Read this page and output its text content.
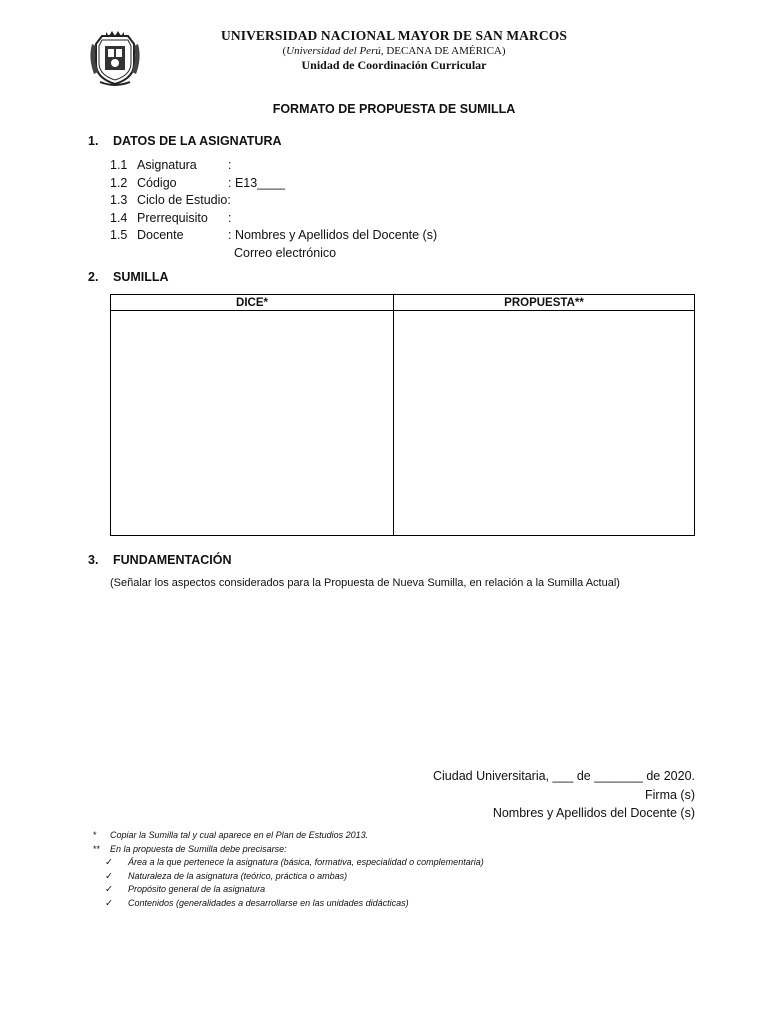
UNIVERSIDAD NACIONAL MAYOR DE SAN MARCOS
(Universidad del Perú, DECANA DE AMÉRICA)
Unidad de Coordinación Curricular
FORMATO DE PROPUESTA DE SUMILLA
1. DATOS DE LA ASIGNATURA
1.1 Asignatura :
1.2 Código	: E13____
1.3 Ciclo de Estudio:
1.4 Prerrequisito :
1.5 Docente	: Nombres y Apellidos del Docente (s)
Correo electrónico
2. SUMILLA
DICE*	PROPUESTA**

3. FUNDAMENTACIÓN
(Señalar los aspectos considerados para la Propuesta de Nueva Sumilla, en relación a la Sumilla Actual)
Ciudad Universitaria, ___ de _______ de 2020.
Firma (s)
Nombres y Apellidos del Docente (s)
* Copiar la Sumilla tal y cual aparece en el Plan de Estudios 2013.
** En la propuesta de Sumilla debe precisarse:
✓ Área a la que pertenece la asignatura (básica, formativa, especialidad o complementaria)
✓ Naturaleza de la asignatura (teórico, práctica o ambas)
✓ Propósito general de la asignatura
✓ Contenidos (generalidades a desarrollarse en las unidades didácticas)
